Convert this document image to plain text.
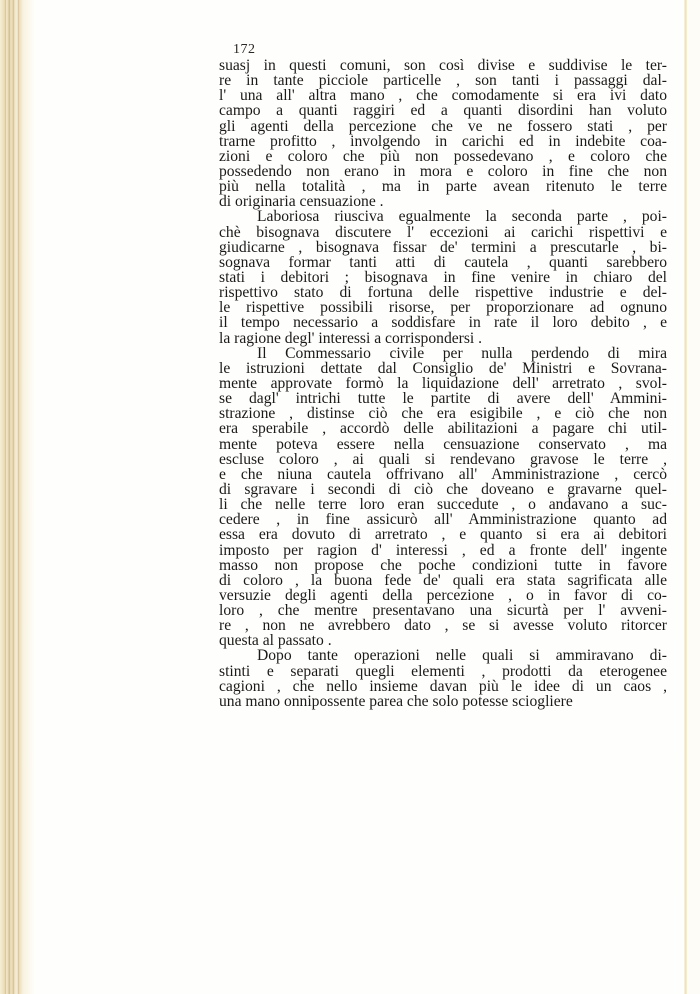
172
suasj in questi comuni, son così divise e suddivise le ter-
re in tante picciole particelle , son tanti i passaggi dal-
l' una all' altra mano , che comodamente si era ivi dato
campo a quanti raggiri ed a quanti disordini han voluto
gli agenti della percezione che ve ne fossero stati , per
trarne profitto , involgendo in carichi ed in indebite coa-
zioni e coloro che più non possedevano , e coloro che
possedendo non erano in mora e coloro in fine che non
più nella totalità , ma in parte avean ritenuto le terre
di originaria censuazione .
Laboriosa riusciva egualmente la seconda parte , poi-
chè bisognava discutere l' eccezioni ai carichi rispettivi e
giudicarne , bisognava fissar de' termini a prescutarle , bi-
sognava formar tanti atti di cautela , quanti sarebbero
stati i debitori ; bisognava in fine venire in chiaro del
rispettivo stato di fortuna delle rispettive industrie e del-
le rispettive possibili risorse, per proporzionare ad ognuno
il tempo necessario a soddisfare in rate il loro debito , e
la ragione degl' interessi a corrispondersi .
Il Commessario civile per nulla perdendo di mira
le istruzioni dettate dal Consiglio de' Ministri e Sovrana-
mente approvate formò la liquidazione dell' arretrato , svol-
se dagl' intrichi tutte le partite di avere dell' Ammini-
strazione , distinse ciò che era esigibile , e ciò che non
era sperabile , accordò delle abilitazioni a pagare chi util-
mente poteva essere nella censuazione conservato , ma
escluse coloro , ai quali si rendevano gravose le terre ,
e che niuna cautela offrivano all' Amministrazione , cercò
di sgravare i secondi di ciò che doveano e gravarne quel-
li che nelle terre loro eran succedute , o andavano a suc-
cedere , in fine assicurò all' Amministrazione quanto ad
essa era dovuto di arretrato , e quanto si era ai debitori
imposto per ragion d' interessi , ed a fronte dell' ingente
masso non propose che poche condizioni tutte in favore
di coloro , la buona fede de' quali era stata sagrificata alle
versuzie degli agenti della percezione , o in favor di co-
loro , che mentre presentavano una sicurtà per l' avveni-
re , non ne avrebbero dato , se si avesse voluto ritorcer
questa al passato .
Dopo tante operazioni nelle quali si ammiravano di-
stinti e separati quegli elementi , prodotti da eterogenee
cagioni , che nello insieme davan più le idee di un caos ,
una mano onnipossente parea che solo potesse sciogliere
